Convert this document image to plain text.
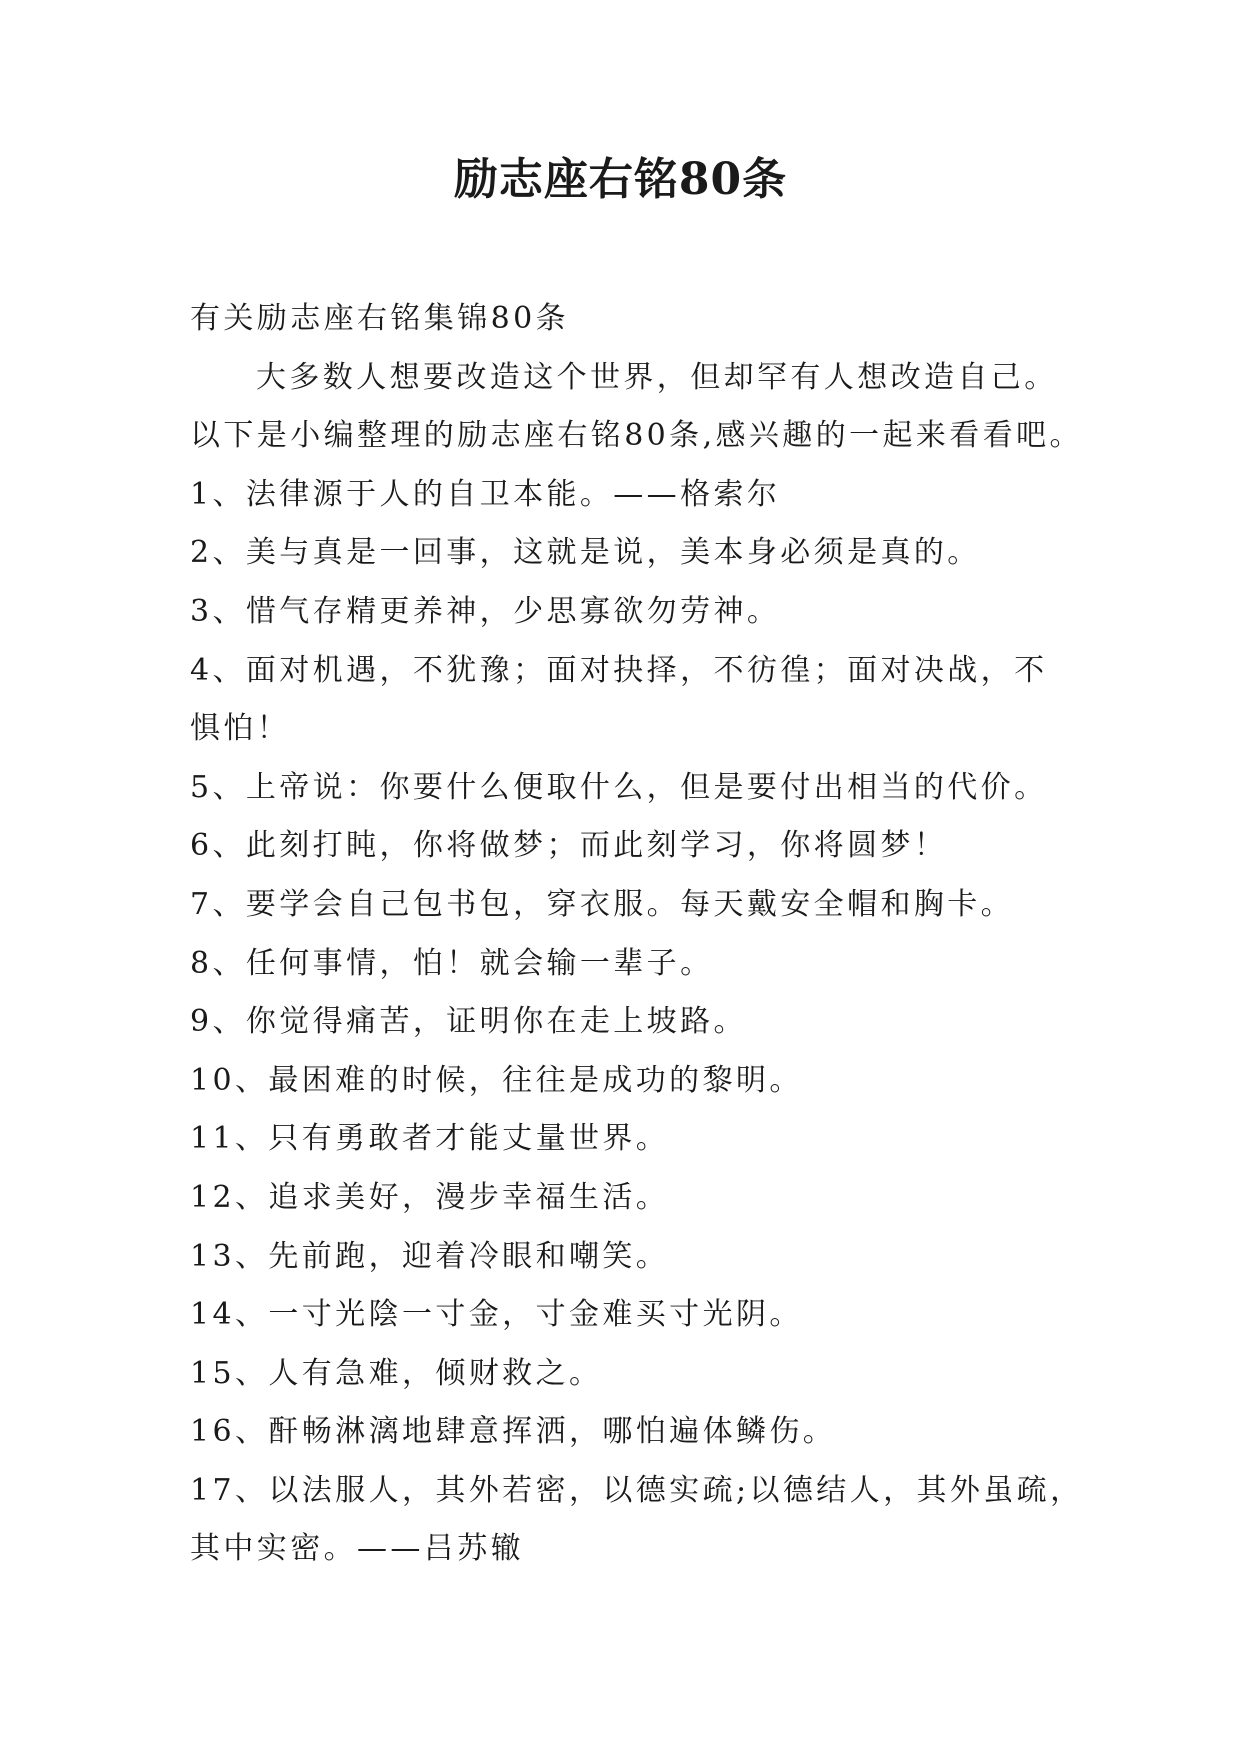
励志座右铭80条
有关励志座右铭集锦80条
大多数人想要改造这个世界，但却罕有人想改造自己。
以下是小编整理的励志座右铭80条,感兴趣的一起来看看吧。
1、法律源于人的自卫本能。——格索尔
2、美与真是一回事，这就是说，美本身必须是真的。
3、惜气存精更养神，少思寡欲勿劳神。
4、面对机遇，不犹豫；面对抉择，不彷徨；面对决战，不
惧怕！
5、上帝说：你要什么便取什么，但是要付出相当的代价。
6、此刻打盹，你将做梦；而此刻学习，你将圆梦！
7、要学会自己包书包，穿衣服。每天戴安全帽和胸卡。
8、任何事情，怕！就会输一辈子。
9、你觉得痛苦，证明你在走上坡路。
10、最困难的时候，往往是成功的黎明。
11、只有勇敢者才能丈量世界。
12、追求美好，漫步幸福生活。
13、先前跑，迎着冷眼和嘲笑。
14、一寸光陰一寸金，寸金难买寸光阴。
15、人有急难，倾财救之。
16、酐畅淋漓地肆意挥洒，哪怕遍体鳞伤。
17、以法服人，其外若密，以德实疏;以德结人，其外虽疏，
其中实密。——吕苏辙
